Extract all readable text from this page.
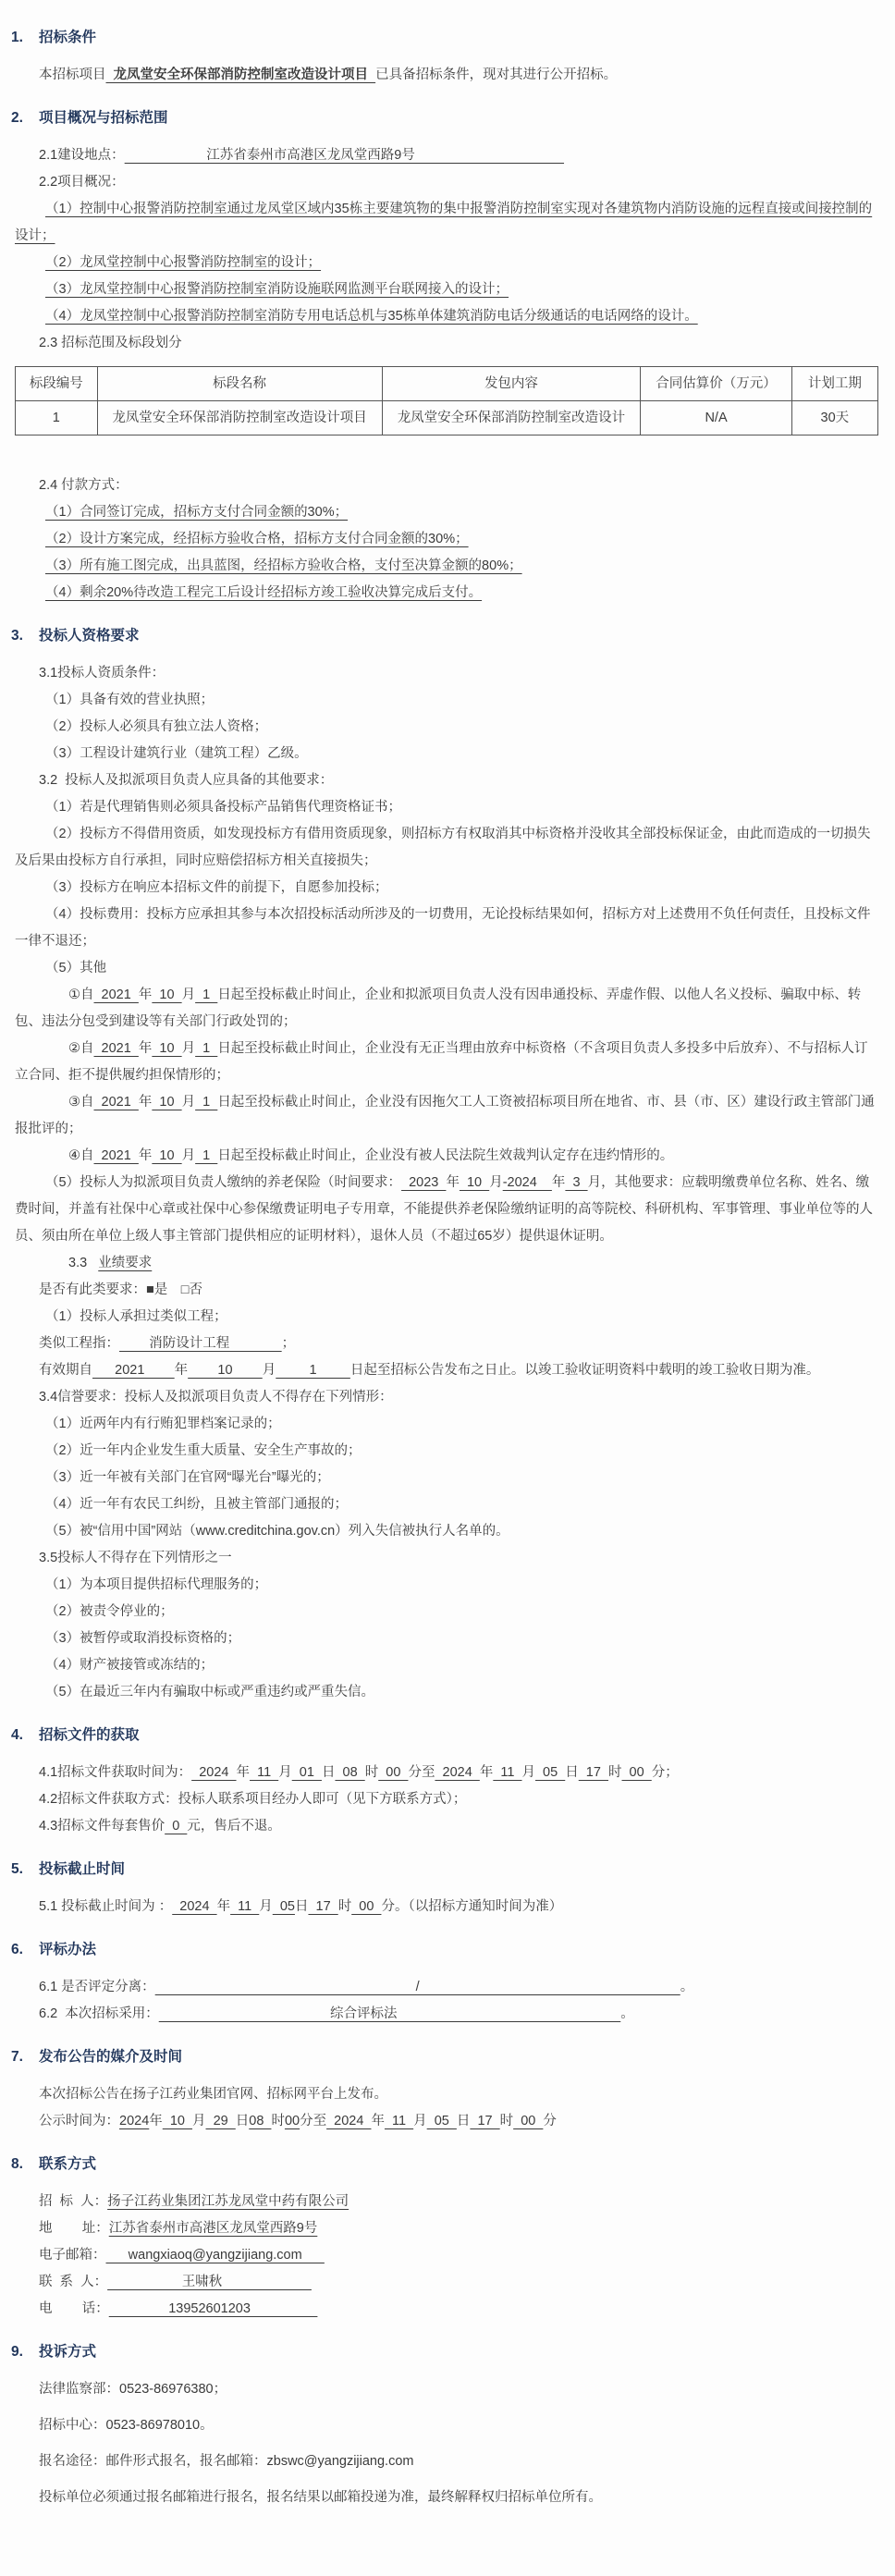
1. 招标条件
本招标项目  龙凤堂安全环保部消防控制室改造设计项目  已具备招标条件，现对其进行公开招标。
2. 项目概况与招标范围
2.1建设地点：                      江苏省泰州市高港区龙凤堂西路9号
2.2项目概况：
（1）控制中心报警消防控制室通过龙凤堂区域内35栋主要建筑物的集中报警消防控制室实现对各建筑物内消防设施的远程直接或间接控制的设计；
（2）龙凤堂控制中心报警消防控制室的设计；
（3）龙凤堂控制中心报警消防控制室消防设施联网监测平台联网接入的设计；
（4）龙凤堂控制中心报警消防控制室消防专用电话总机与35栋单体建筑消防电话分级通话的电话网络的设计。
2.3 招标范围及标段划分
标段编号	标段名称	发包内容	合同估算价（万元）	计划工期
1	龙凤堂安全环保部消防控制室改造设计项目	龙凤堂安全环保部消防控制室改造设计	N/A	30天
2.4 付款方式：
（1）合同签订完成，招标方支付合同金额的30%；
（2）设计方案完成，经招标方验收合格，招标方支付合同金额的30%；
（3）所有施工图完成，出具蓝图，经招标方验收合格，支付至决算金额的80%；
（4）剩余20%待改造工程完工后设计经招标方竣工验收决算完成后支付。
3. 投标人资格要求
3.1投标人资质条件：
（1）具备有效的营业执照；
（2）投标人必须具有独立法人资格；
（3）工程设计建筑行业（建筑工程）乙级。
3.2  投标人及拟派项目负责人应具备的其他要求：
（1）若是代理销售则必须具备投标产品销售代理资格证书；
（2）投标方不得借用资质，如发现投标方有借用资质现象，则招标方有权取消其中标资格并没收其全部投标保证金，由此而造成的一切损失及后果由投标方自行承担，同时应赔偿招标方相关直接损失；
（3）投标方在响应本招标文件的前提下，自愿参加投标；
（4）投标费用：投标方应承担其参与本次招投标活动所涉及的一切费用，无论投标结果如何，招标方对上述费用不负任何责任，且投标文件一律不退还；
（5）其他
①自  2021  年  10  月  1  日起至投标截止时间止，企业和拟派项目负责人没有因串通投标、弄虚作假、以他人名义投标、骗取中标、转包、违法分包受到建设等有关部门行政处罚的；
②自  2021  年  10  月  1  日起至投标截止时间止，企业没有无正当理由放弃中标资格（不含项目负责人多投多中后放弃）、不与招标人订立合同、拒不提供履约担保情形的；
③自  2021  年  10  月  1  日起至投标截止时间止，企业没有因拖欠工人工资被招标项目所在地省、市、县（市、区）建设行政主管部门通报批评的；
④自  2021  年  10  月  1  日起至投标截止时间止，企业没有被人民法院生效裁判认定存在违约情形的。
（5）投标人为拟派项目负责人缴纳的养老保险（时间要求：  2023  年  10  月-2024    年  3  月，其他要求：应载明缴费单位名称、姓名、缴费时间，并盖有社保中心章或社保中心参保缴费证明电子专用章，不能提供养老保险缴纳证明的高等院校、科研机构、军事管理、事业单位等的人员、须由所在单位上级人事主管部门提供相应的证明材料），退休人员（不超过65岁）提供退休证明。
3.3   业绩要求
是否有此类要求：■是　□否
（1）投标人承担过类似工程；
类似工程指：        消防设计工程              ；
有效期自      2021        年        10        月         1         日起至招标公告发布之日止。以竣工验收证明资料中载明的竣工验收日期为准。
3.4信誉要求：投标人及拟派项目负责人不得存在下列情形：
（1）近两年内有行贿犯罪档案记录的；
（2）近一年内企业发生重大质量、安全生产事故的；
（3）近一年被有关部门在官网“曝光台”曝光的；
（4）近一年有农民工纠纷，且被主管部门通报的；
（5）被“信用中国”网站（www.creditchina.gov.cn）列入失信被执行人名单的。
3.5投标人不得存在下列情形之一
（1）为本项目提供招标代理服务的；
（2）被责令停业的；
（3）被暂停或取消投标资格的；
（4）财产被接管或冻结的；
（5）在最近三年内有骗取中标或严重违约或严重失信。
4. 招标文件的获取
4.1招标文件获取时间为：  2024  年  11  月  01  日  08  时  00  分至  2024  年  11  月  05  日  17  时  00  分；
4.2招标文件获取方式：投标人联系项目经办人即可（见下方联系方式）；
4.3招标文件每套售价  0  元，售后不退。
5. 投标截止时间
5.1 投标截止时间为 ：  2024  年  11  月  05日  17  时  00  分。（以招标方通知时间为准）
6. 评标办法
6.1 是否评定分离：                                                                      /                                                                      。
6.2  本次招标采用：                                              综合评标法                                                            。
7. 发布公告的媒介及时间
本次招标公告在扬子江药业集团官网、招标网平台上发布。
公示时间为：2024年  10  月  29  日08  时00分至  2024  年  11  月  05  日  17  时  00  分
8. 联系方式
招  标  人：扬子江药业集团江苏龙凤堂中药有限公司
地        址：江苏省泰州市高港区龙凤堂西路9号
电子邮箱：      wangxiaoq@yangzijiang.com
联  系  人：                    王啸秋
电        话：                13952601203
9. 投诉方式
法律监察部：0523-86976380；
招标中心：0523-86978010。
报名途径：邮件形式报名，报名邮箱：zbswc@yangzijiang.com
投标单位必须通过报名邮箱进行报名，报名结果以邮箱投递为准，最终解释权归招标单位所有。
